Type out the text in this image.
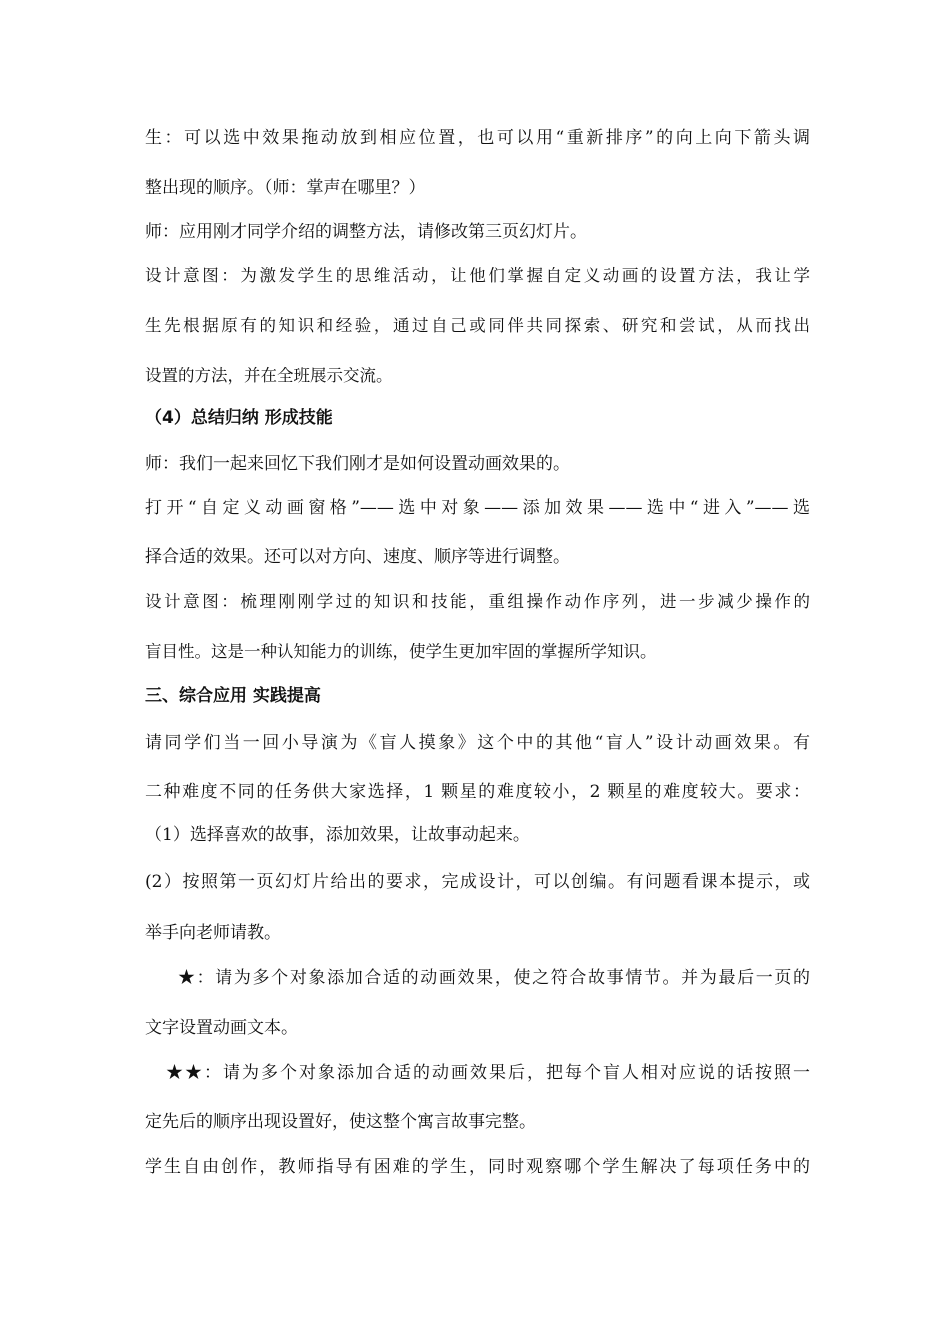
生：可以选中效果拖动放到相应位置，也可以用“重新排序”的向上向下箭头调
整出现的顺序。（师：掌声在哪里？）
师：应用刚才同学介绍的调整方法，请修改第三页幻灯片。
设计意图：为激发学生的思维活动，让他们掌握自定义动画的设置方法，我让学
生先根据原有的知识和经验，通过自己或同伴共同探索、研究和尝试，从而找出
设置的方法，并在全班展示交流。
（4）总结归纳 形成技能
师：我们一起来回忆下我们刚才是如何设置动画效果的。
打开“自定义动画窗格”——选中对象——添加效果——选中“进入”——选
择合适的效果。还可以对方向、速度、顺序等进行调整。
设计意图：梳理刚刚学过的知识和技能，重组操作动作序列，进一步减少操作的
盲目性。这是一种认知能力的训练，使学生更加牢固的掌握所学知识。
三、综合应用 实践提高
请同学们当一回小导演为《盲人摸象》这个中的其他“盲人”设计动画效果。有
二种难度不同的任务供大家选择，1 颗星的难度较小，2 颗星的难度较大。要求：
（1）选择喜欢的故事，添加效果，让故事动起来。
(2）按照第一页幻灯片给出的要求，完成设计，可以创编。有问题看课本提示，或
举手向老师请教。
★：请为多个对象添加合适的动画效果，使之符合故事情节。并为最后一页的
文字设置动画文本。
★★：请为多个对象添加合适的动画效果后，把每个盲人相对应说的话按照一
定先后的顺序出现设置好，使这整个寓言故事完整。
学生自由创作，教师指导有困难的学生，同时观察哪个学生解决了每项任务中的
